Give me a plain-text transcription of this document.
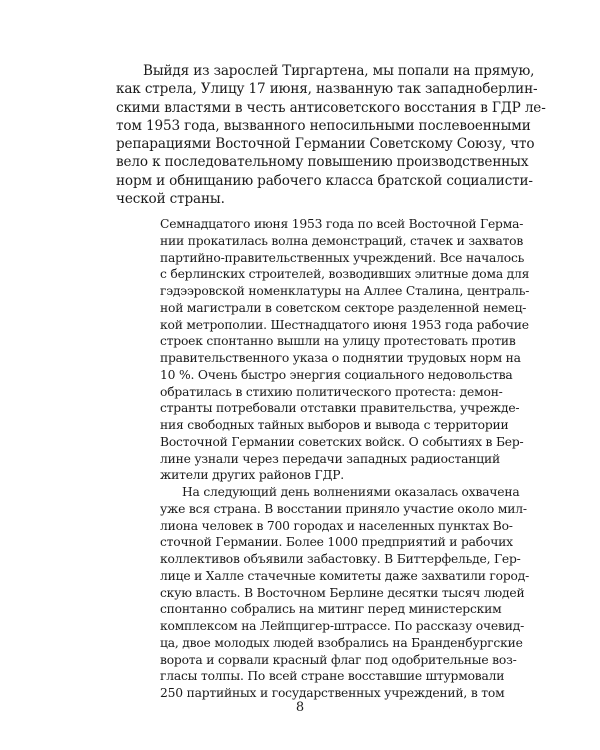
Выйдя из зарослей Тиргартена, мы попали на прямую,
как стрела, Улицу 17 июня, названную так западноберлин-
скими властями в честь антисоветского восстания в ГДР ле-
том 1953 года, вызванного непосильными послевоенными
репарациями Восточной Германии Советскому Союзу, что
вело к последовательному повышению производственных
норм и обнищанию рабочего класса братской социалисти-
ческой страны.
Семнадцатого июня 1953 года по всей Восточной Герма-
нии прокатилась волна демонстраций, стачек и захватов
партийно-правительственных учреждений. Все началось
с берлинских строителей, возводивших элитные дома для
гэдээровской номенклатуры на Аллее Сталина, централь-
ной магистрали в советском секторе разделенной немец-
кой метрополии. Шестнадцатого июня 1953 года рабочие
строек спонтанно вышли на улицу протестовать против
правительственного указа о поднятии трудовых норм на
10 %. Очень быстро энергия социального недовольства
обратилась в стихию политического протеста: демон-
странты потребовали отставки правительства, учрежде-
ния свободных тайных выборов и вывода с территории
Восточной Германии советских войск. О событиях в Бер-
лине узнали через передачи западных радиостанций
жители других районов ГДР.
На следующий день волнениями оказалась охвачена
уже вся страна. В восстании приняло участие около мил-
лиона человек в 700 городах и населенных пунктах Во-
сточной Германии. Более 1000 предприятий и рабочих
коллективов объявили забастовку. В Биттерфельде, Гер-
лице и Халле стачечные комитеты даже захватили город-
скую власть. В Восточном Берлине десятки тысяч людей
спонтанно собрались на митинг перед министерским
комплексом на Лейпцигер-штрассе. По рассказу очевид-
ца, двое молодых людей взобрались на Бранденбургские
ворота и сорвали красный флаг под одобрительные воз-
гласы толпы. По всей стране восставшие штурмовали
250 партийных и государственных учреждений, в том
8
